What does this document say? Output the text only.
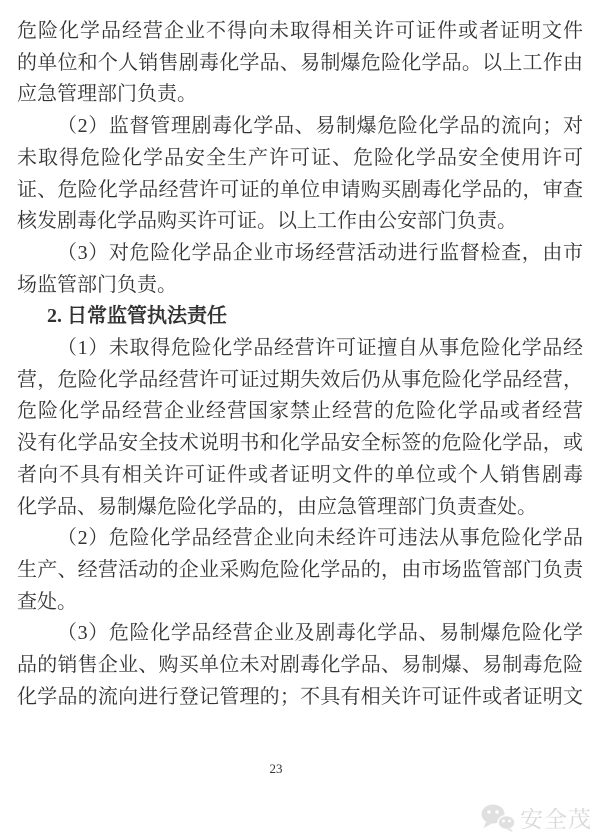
危险化学品经营企业不得向未取得相关许可证件或者证明文件
的单位和个人销售剧毒化学品、易制爆危险化学品。以上工作由
应急管理部门负责。
（2）监督管理剧毒化学品、易制爆危险化学品的流向；对
未取得危险化学品安全生产许可证、危险化学品安全使用许可
证、危险化学品经营许可证的单位申请购买剧毒化学品的，审查
核发剧毒化学品购买许可证。以上工作由公安部门负责。
（3）对危险化学品企业市场经营活动进行监督检查，由市
场监管部门负责。
2. 日常监管执法责任
（1）未取得危险化学品经营许可证擅自从事危险化学品经
营，危险化学品经营许可证过期失效后仍从事危险化学品经营，
危险化学品经营企业经营国家禁止经营的危险化学品或者经营
没有化学品安全技术说明书和化学品安全标签的危险化学品，或
者向不具有相关许可证件或者证明文件的单位或个人销售剧毒
化学品、易制爆危险化学品的，由应急管理部门负责查处。
（2）危险化学品经营企业向未经许可违法从事危险化学品
生产、经营活动的企业采购危险化学品的，由市场监管部门负责
查处。
（3）危险化学品经营企业及剧毒化学品、易制爆危险化学
品的销售企业、购买单位未对剧毒化学品、易制爆、易制毒危险
化学品的流向进行登记管理的；不具有相关许可证件或者证明文
23
安全茂
